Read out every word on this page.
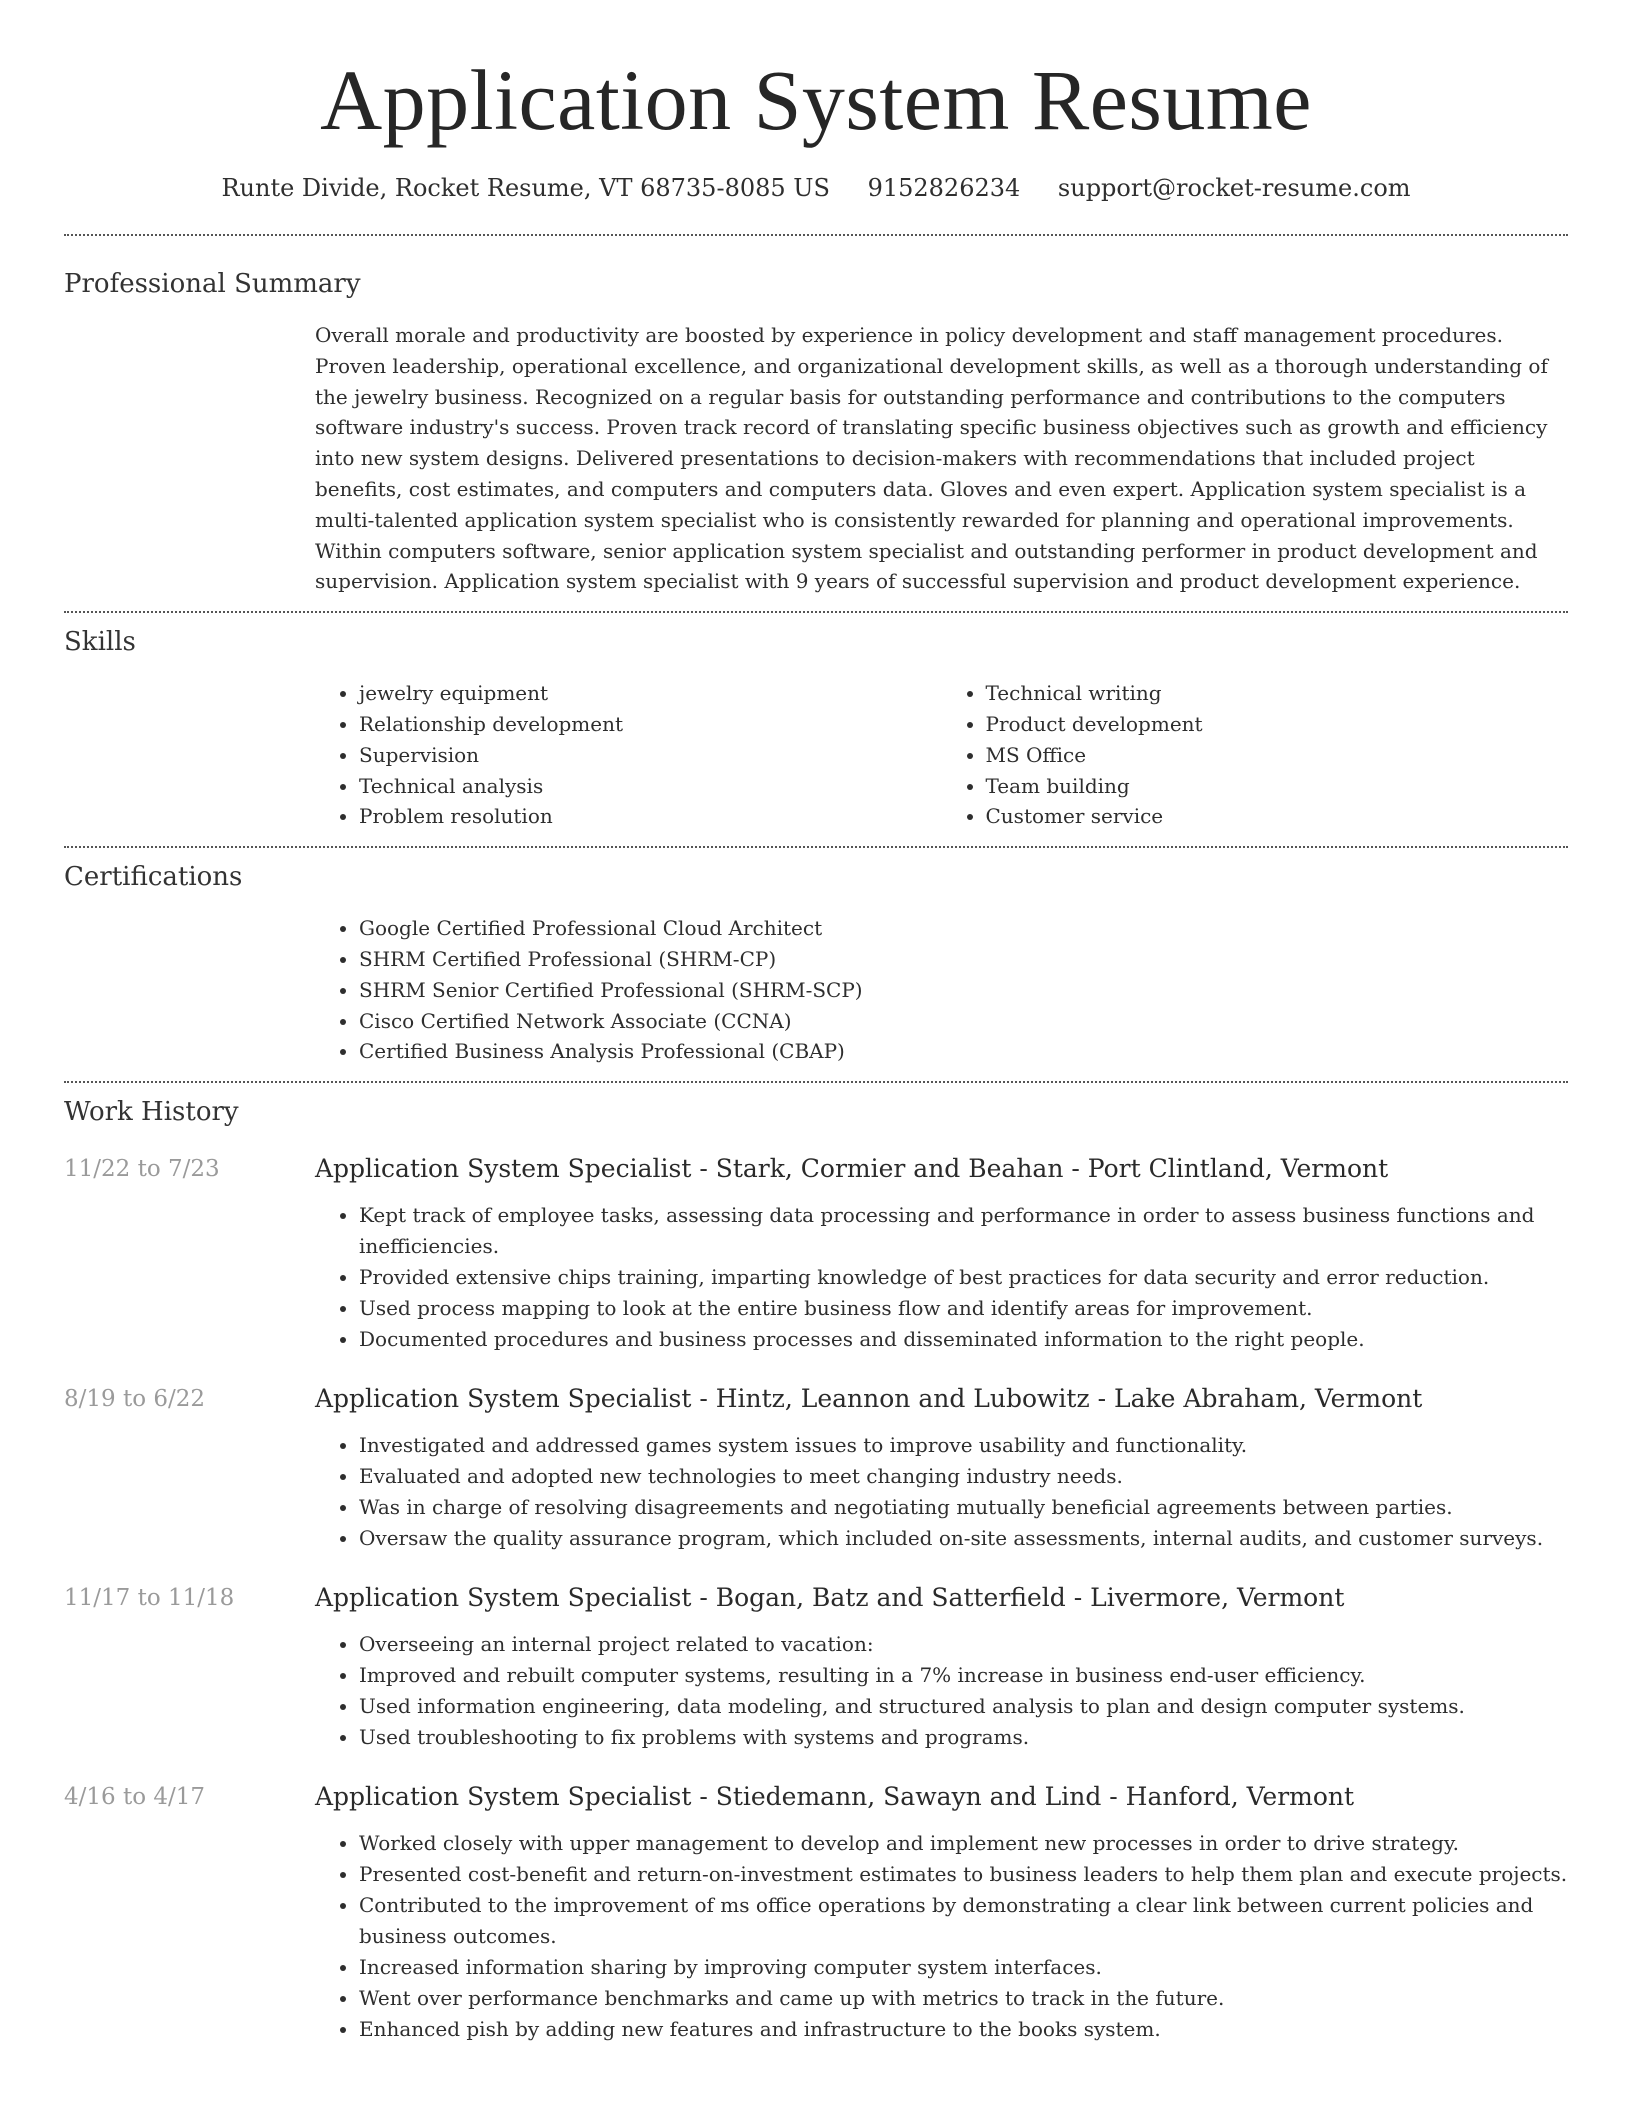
Application System Resume
Runte Divide, Rocket Resume, VT 68735-8085 US 9152826234 support@rocket-resume.com
Professional Summary

Overall morale and productivity are boosted by experience in policy development and staff management procedures. Proven leadership, operational excellence, and organizational development skills, as well as a thorough understanding of the jewelry business. Recognized on a regular basis for outstanding performance and contributions to the computers software industry's success. Proven track record of translating specific business objectives such as growth and efficiency into new system designs. Delivered presentations to decision-makers with recommendations that included project benefits, cost estimates, and computers and computers data. Gloves and even expert. Application system specialist is a multi-talented application system specialist who is consistently rewarded for planning and operational improvements. Within computers software, senior application system specialist and outstanding performer in product development and supervision. Application system specialist with 9 years of successful supervision and product development experience.

Skills
• jewelry equipment
• Relationship development
• Supervision
• Technical analysis
• Problem resolution
• Technical writing
• Product development
• MS Office
• Team building
• Customer service
Certifications
• Google Certified Professional Cloud Architect
• SHRM Certified Professional (SHRM-CP)
• SHRM Senior Certified Professional (SHRM-SCP)
• Cisco Certified Network Associate (CCNA)
• Certified Business Analysis Professional (CBAP)
Work History
11/22 to 7/23	Application System Specialist - Stark, Cormier and Beahan - Port Clintland, Vermont
• Kept track of employee tasks, assessing data processing and performance in order to assess business functions and inefficiencies.
• Provided extensive chips training, imparting knowledge of best practices for data security and error reduction.
• Used process mapping to look at the entire business flow and identify areas for improvement.
• Documented procedures and business processes and disseminated information to the right people.
8/19 to 6/22	Application System Specialist - Hintz, Leannon and Lubowitz - Lake Abraham, Vermont
• Investigated and addressed games system issues to improve usability and functionality.
• Evaluated and adopted new technologies to meet changing industry needs.
• Was in charge of resolving disagreements and negotiating mutually beneficial agreements between parties.
• Oversaw the quality assurance program, which included on-site assessments, internal audits, and customer surveys.
11/17 to 11/18	Application System Specialist - Bogan, Batz and Satterfield - Livermore, Vermont
• Overseeing an internal project related to vacation:
• Improved and rebuilt computer systems, resulting in a 7% increase in business end-user efficiency.
• Used information engineering, data modeling, and structured analysis to plan and design computer systems.
• Used troubleshooting to fix problems with systems and programs.
4/16 to 4/17	Application System Specialist - Stiedemann, Sawayn and Lind - Hanford, Vermont
• Worked closely with upper management to develop and implement new processes in order to drive strategy.
• Presented cost-benefit and return-on-investment estimates to business leaders to help them plan and execute projects.
• Contributed to the improvement of ms office operations by demonstrating a clear link between current policies and business outcomes.
• Increased information sharing by improving computer system interfaces.
• Went over performance benchmarks and came up with metrics to track in the future.
• Enhanced pish by adding new features and infrastructure to the books system.
